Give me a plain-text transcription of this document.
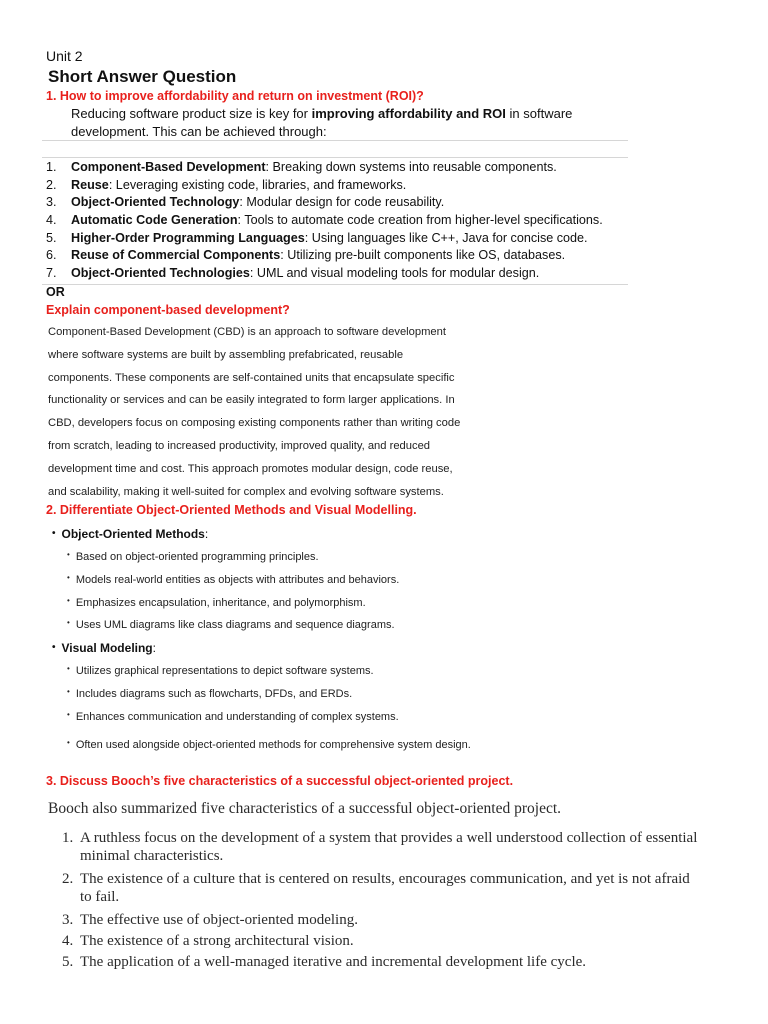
Unit 2
Short Answer Question
1. How to improve affordability and return on investment (ROI)?
Reducing software product size is key for improving affordability and ROI in software development. This can be achieved through:
1. Component-Based Development: Breaking down systems into reusable components.
2. Reuse: Leveraging existing code, libraries, and frameworks.
3. Object-Oriented Technology: Modular design for code reusability.
4. Automatic Code Generation: Tools to automate code creation from higher-level specifications.
5. Higher-Order Programming Languages: Using languages like C++, Java for concise code.
6. Reuse of Commercial Components: Utilizing pre-built components like OS, databases.
7. Object-Oriented Technologies: UML and visual modeling tools for modular design.
OR
Explain component-based development?
Component-Based Development (CBD) is an approach to software development
where software systems are built by assembling prefabricated, reusable
components. These components are self-contained units that encapsulate specific
functionality or services and can be easily integrated to form larger applications. In
CBD, developers focus on composing existing components rather than writing code
from scratch, leading to increased productivity, improved quality, and reduced
development time and cost. This approach promotes modular design, code reuse,
and scalability, making it well-suited for complex and evolving software systems.
2. Differentiate Object-Oriented Methods and Visual Modelling.
• Object-Oriented Methods:
• Based on object-oriented programming principles.
• Models real-world entities as objects with attributes and behaviors.
• Emphasizes encapsulation, inheritance, and polymorphism.
• Uses UML diagrams like class diagrams and sequence diagrams.
• Visual Modeling:
• Utilizes graphical representations to depict software systems.
• Includes diagrams such as flowcharts, DFDs, and ERDs.
• Enhances communication and understanding of complex systems.
• Often used alongside object-oriented methods for comprehensive system design.
3. Discuss Booch’s five characteristics of a successful object-oriented project.
Booch also summarized five characteristics of a successful object-oriented project.
1. A ruthless focus on the development of a system that provides a well understood collection of essential
minimal characteristics.
2. The existence of a culture that is centered on results, encourages communication, and yet is not afraid
to fail.
3. The effective use of object-oriented modeling.
4. The existence of a strong architectural vision.
5. The application of a well-managed iterative and incremental development life cycle.
